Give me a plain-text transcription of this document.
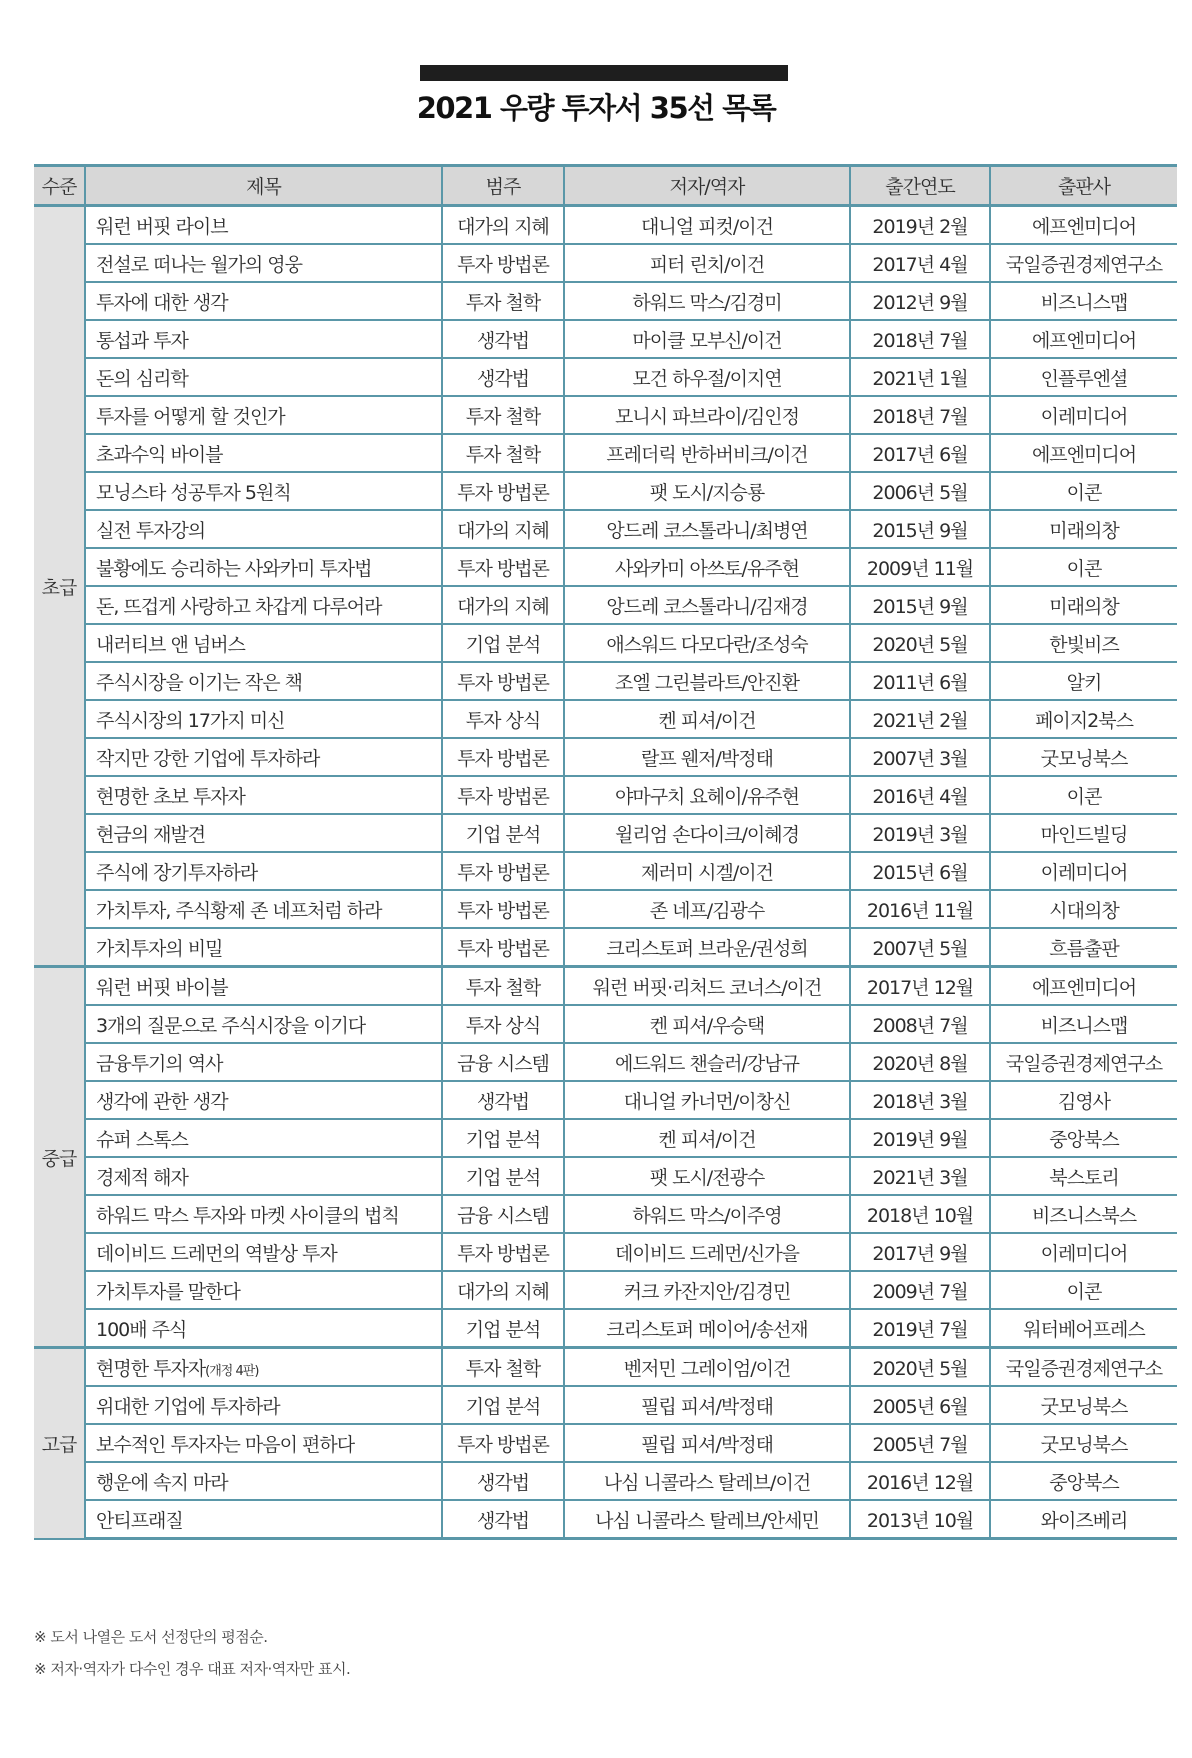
2021 우량 투자서 35선 목록
수준	제목	범주	저자/역자	출간연도	출판사
초급	워런 버핏 라이브	대가의 지혜	대니얼 피컷/이건	2019년 2월	에프엔미디어
	전설로 떠나는 월가의 영웅	투자 방법론	피터 린치/이건	2017년 4월	국일증권경제연구소
	투자에 대한 생각	투자 철학	하워드 막스/김경미	2012년 9월	비즈니스맵
	통섭과 투자	생각법	마이클 모부신/이건	2018년 7월	에프엔미디어
	돈의 심리학	생각법	모건 하우절/이지연	2021년 1월	인플루엔셜
	투자를 어떻게 할 것인가	투자 철학	모니시 파브라이/김인정	2018년 7월	이레미디어
	초과수익 바이블	투자 철학	프레더릭 반하버비크/이건	2017년 6월	에프엔미디어
	모닝스타 성공투자 5원칙	투자 방법론	팻 도시/지승룡	2006년 5월	이콘
	실전 투자강의	대가의 지혜	앙드레 코스톨라니/최병연	2015년 9월	미래의창
	불황에도 승리하는 사와카미 투자법	투자 방법론	사와카미 아쓰토/유주현	2009년 11월	이콘
	돈, 뜨겁게 사랑하고 차갑게 다루어라	대가의 지혜	앙드레 코스톨라니/김재경	2015년 9월	미래의창
	내러티브 앤 넘버스	기업 분석	애스워드 다모다란/조성숙	2020년 5월	한빛비즈
	주식시장을 이기는 작은 책	투자 방법론	조엘 그린블라트/안진환	2011년 6월	알키
	주식시장의 17가지 미신	투자 상식	켄 피셔/이건	2021년 2월	페이지2북스
	작지만 강한 기업에 투자하라	투자 방법론	랄프 웬저/박정태	2007년 3월	굿모닝북스
	현명한 초보 투자자	투자 방법론	야마구치 요헤이/유주현	2016년 4월	이콘
	현금의 재발견	기업 분석	윌리엄 손다이크/이혜경	2019년 3월	마인드빌딩
	주식에 장기투자하라	투자 방법론	제러미 시겔/이건	2015년 6월	이레미디어
	가치투자, 주식황제 존 네프처럼 하라	투자 방법론	존 네프/김광수	2016년 11월	시대의창
	가치투자의 비밀	투자 방법론	크리스토퍼 브라운/권성희	2007년 5월	흐름출판
중급	워런 버핏 바이블	투자 철학	워런 버핏·리처드 코너스/이건	2017년 12월	에프엔미디어
	3개의 질문으로 주식시장을 이기다	투자 상식	켄 피셔/우승택	2008년 7월	비즈니스맵
	금융투기의 역사	금융 시스템	에드워드 챈슬러/강남규	2020년 8월	국일증권경제연구소
	생각에 관한 생각	생각법	대니얼 카너먼/이창신	2018년 3월	김영사
	슈퍼 스톡스	기업 분석	켄 피셔/이건	2019년 9월	중앙북스
	경제적 해자	기업 분석	팻 도시/전광수	2021년 3월	북스토리
	하워드 막스 투자와 마켓 사이클의 법칙	금융 시스템	하워드 막스/이주영	2018년 10월	비즈니스북스
	데이비드 드레먼의 역발상 투자	투자 방법론	데이비드 드레먼/신가을	2017년 9월	이레미디어
	가치투자를 말한다	대가의 지혜	커크 카잔지안/김경민	2009년 7월	이콘
	100배 주식	기업 분석	크리스토퍼 메이어/송선재	2019년 7월	워터베어프레스
고급	현명한 투자자(개정 4판)	투자 철학	벤저민 그레이엄/이건	2020년 5월	국일증권경제연구소
	위대한 기업에 투자하라	기업 분석	필립 피셔/박정태	2005년 6월	굿모닝북스
	보수적인 투자자는 마음이 편하다	투자 방법론	필립 피셔/박정태	2005년 7월	굿모닝북스
	행운에 속지 마라	생각법	나심 니콜라스 탈레브/이건	2016년 12월	중앙북스
	안티프래질	생각법	나심 니콜라스 탈레브/안세민	2013년 10월	와이즈베리
※ 도서 나열은 도서 선정단의 평점순.
※ 저자·역자가 다수인 경우 대표 저자·역자만 표시.
